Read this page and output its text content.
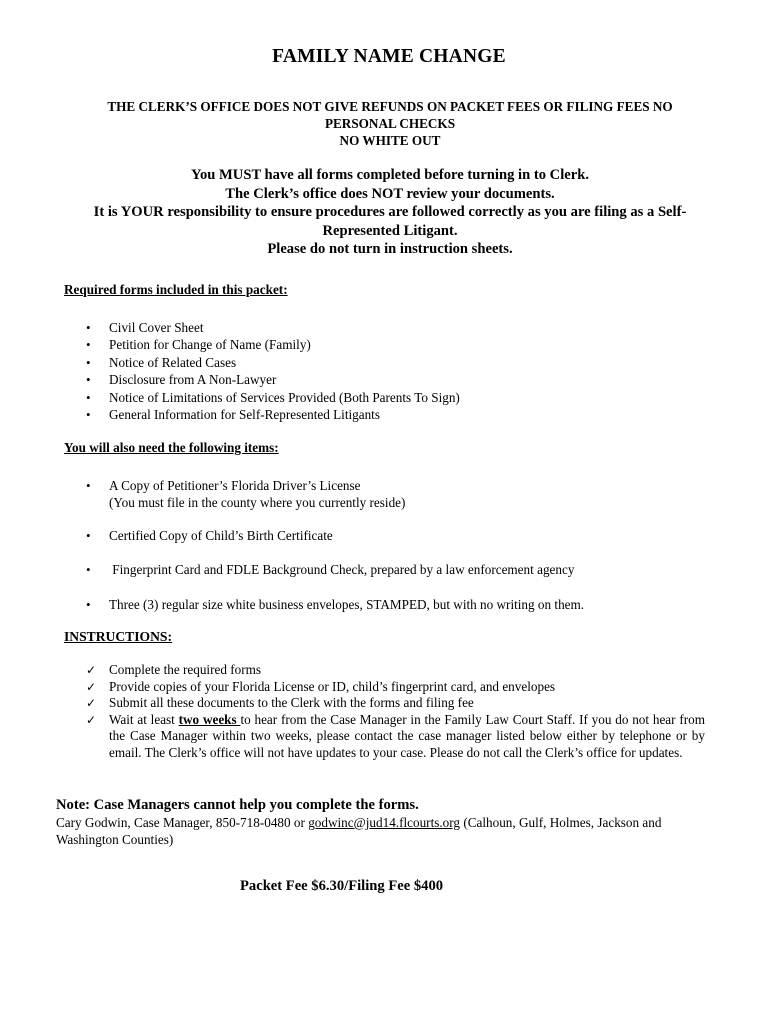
FAMILY NAME CHANGE
THE CLERK’S OFFICE DOES NOT GIVE REFUNDS ON PACKET FEES OR FILING FEES NO
PERSONAL CHECKS
NO WHITE OUT
You MUST have all forms completed before turning in to Clerk.
The Clerk’s office does NOT review your documents.
It is YOUR responsibility to ensure procedures are followed correctly as you are filing as a Self-
Represented Litigant.
Please do not turn in instruction sheets.
Required forms included in this packet:
• Civil Cover Sheet
• Petition for Change of Name (Family)
• Notice of Related Cases
• Disclosure from A Non-Lawyer
• Notice of Limitations of Services Provided (Both Parents To Sign)
• General Information for Self-Represented Litigants
You will also need the following items:
• A Copy of Petitioner’s Florida Driver’s License
(You must file in the county where you currently reside)
• Certified Copy of Child’s Birth Certificate
• Fingerprint Card and FDLE Background Check, prepared by a law enforcement agency
• Three (3) regular size white business envelopes, STAMPED, but with no writing on them.
INSTRUCTIONS:
✓ Complete the required forms
✓ Provide copies of your Florida License or ID, child’s fingerprint card, and envelopes
✓ Submit all these documents to the Clerk with the forms and filing fee
✓ Wait at least two weeks to hear from the Case Manager in the Family Law Court Staff. If you do not hear from the Case Manager within two weeks, please contact the case manager listed below either by telephone or by email. The Clerk’s office will not have updates to your case. Please do not call the Clerk’s office for updates.
Note: Case Managers cannot help you complete the forms.
Cary Godwin, Case Manager, 850-718-0480 or godwinc@jud14.flcourts.org (Calhoun, Gulf, Holmes, Jackson and Washington Counties)
Packet Fee $6.30/Filing Fee $400
